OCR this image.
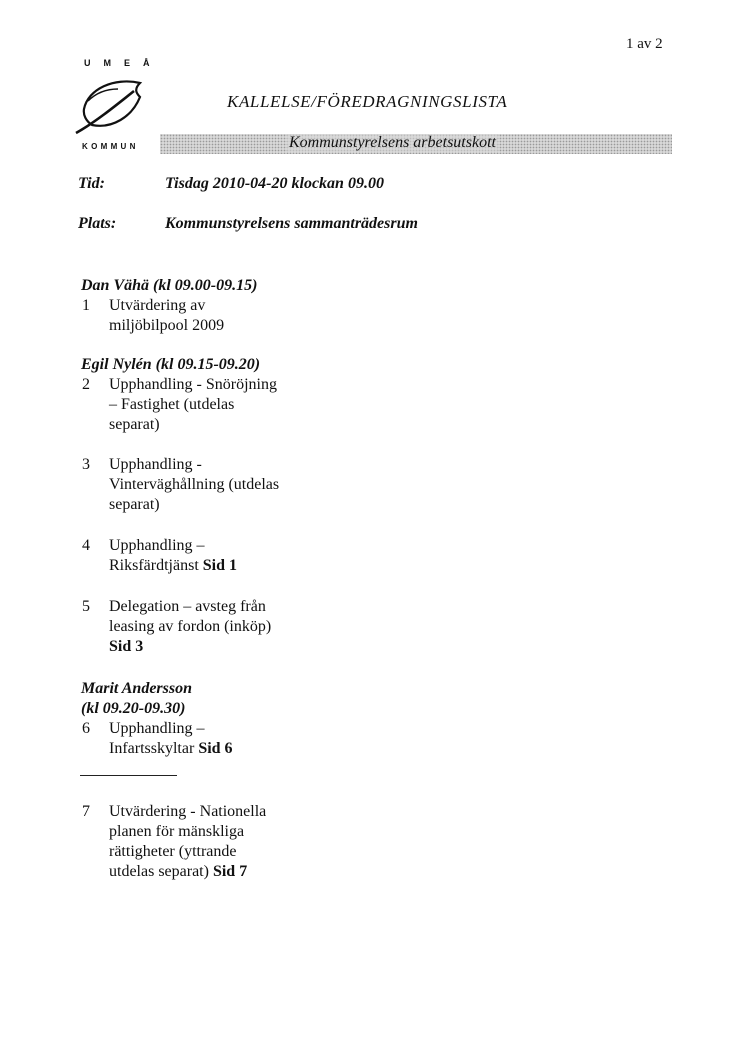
1 av 2
UMEÅ
KOMMUN
KALLELSE/FÖREDRAGNINGSLISTA
Kommunstyrelsens arbetsutskott
Tid:	Tisdag 2010-04-20 klockan 09.00
Plats:	Kommunstyrelsens sammanträdesrum
Dan Vähä (kl 09.00-09.15)
1 Utvärdering av
miljöbilpool 2009
Egil Nylén (kl 09.15-09.20)
2 Upphandling - Snöröjning
– Fastighet (utdelas
separat)
3 Upphandling -
Vinterväghållning (utdelas
separat)
4 Upphandling –
Riksfärdtjänst Sid 1
5 Delegation – avsteg från
leasing av fordon (inköp)
Sid 3
Marit Andersson
(kl 09.20-09.30)
6 Upphandling –
Infartsskyltar Sid 6
7 Utvärdering - Nationella
planen för mänskliga
rättigheter (yttrande
utdelas separat) Sid 7
